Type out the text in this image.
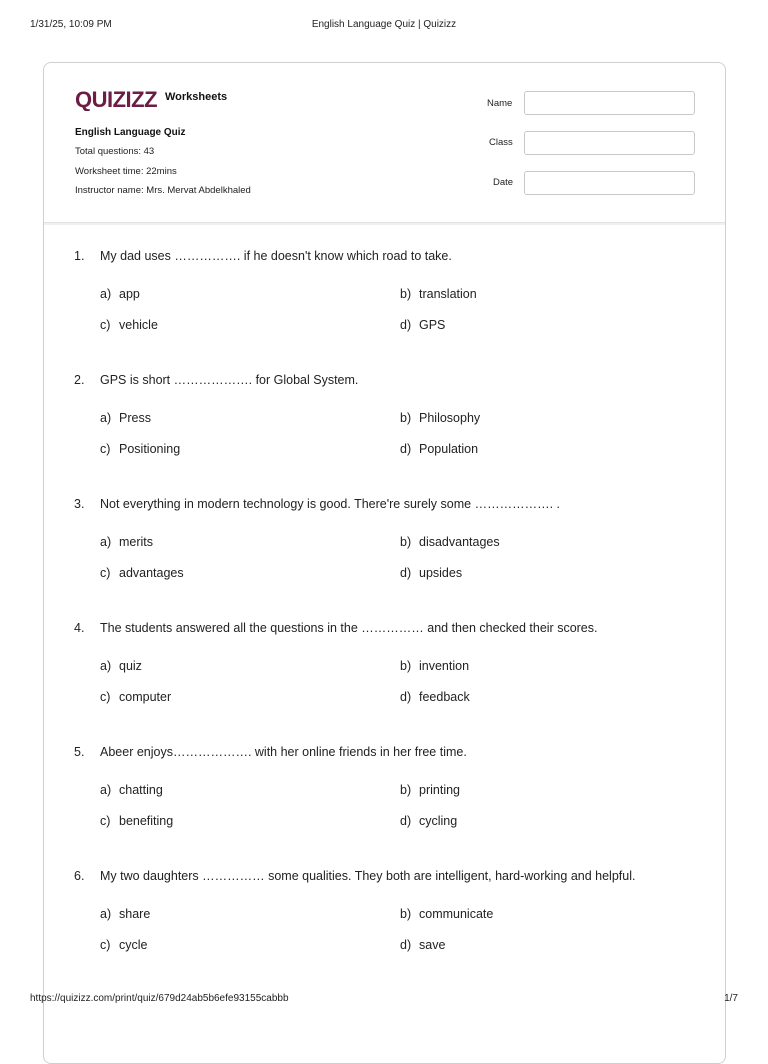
1/31/25, 10:09 PM	English Language Quiz | Quizizz
QUIZIZZ Worksheets
English Language Quiz
Total questions: 43
Worksheet time: 22mins
Instructor name: Mrs. Mervat Abdelkhaled
Name
Class
Date
1. My dad uses ……………. if he doesn't know which road to take.
a) app	b) translation
c) vehicle	d) GPS
2. GPS is short ………………. for Global System.
a) Press	b) Philosophy
c) Positioning	d) Population
3. Not everything in modern technology is good. There're surely some ………………. .
a) merits	b) disadvantages
c) advantages	d) upsides
4. The students answered all the questions in the …………… and then checked their scores.
a) quiz	b) invention
c) computer	d) feedback
5. Abeer enjoys………………. with her online friends in her free time.
a) chatting	b) printing
c) benefiting	d) cycling
6. My two daughters …………… some qualities. They both are intelligent, hard-working and helpful.
a) share	b) communicate
c) cycle	d) save
https://quizizz.com/print/quiz/679d24ab5b6efe93155cabbb	1/7
